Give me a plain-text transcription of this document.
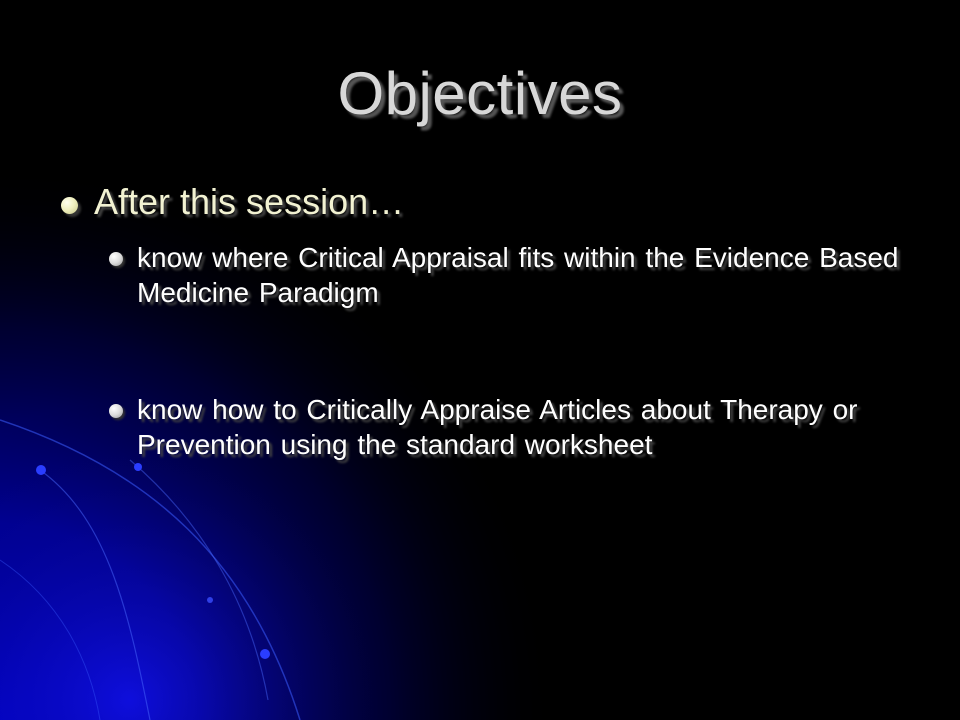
Objectives
After this session…
know where Critical Appraisal fits within the Evidence Based Medicine Paradigm
know how to Critically Appraise Articles about Therapy or Prevention using the standard worksheet
